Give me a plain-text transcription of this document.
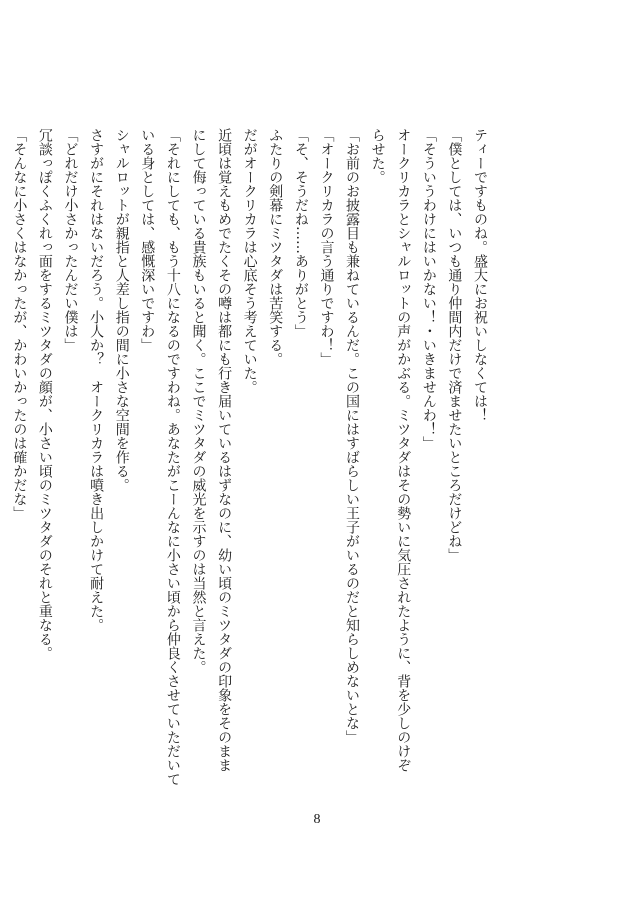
ティーですものね。盛大にお祝いしなくては！
「僕としては、いつも通り仲間内だけで済ませたいところだけどね」
「そういうわけにはいかない！・いきませんわ！」
オークリカラとシャルロットの声がかぶる。ミツタダはその勢いに気圧されたように、背を少しのけぞ
らせた。
「お前のお披露目も兼ねているんだ。この国にはすばらしい王子がいるのだと知らしめないとな」
「オークリカラの言う通りですわ！」
「そ、そうだね……ありがとう」
ふたりの剣幕にミツタダは苦笑する。
だがオークリカラは心底そう考えていた。
近頃は覚えもめでたくその噂は都にも行き届いているはずなのに、幼い頃のミツタダの印象をそのまま
にして侮っている貴族もいると聞く。ここでミツタダの威光を示すのは当然と言えた。
「それにしても、もう十八になるのですわね。あなたがこーんなに小さい頃から仲良くさせていただいて
いる身としては、感慨深いですわ」
シャルロットが親指と人差し指の間に小さな空間を作る。
さすがにそれはないだろう。小人か？　オークリカラは噴き出しかけて耐えた。
「どれだけ小さかったんだい僕は」
冗談っぽくふくれっ面をするミツタダの顔が、小さい頃のミツタダのそれと重なる。
「そんなに小さくはなかったが、かわいかったのは確かだな」
8
